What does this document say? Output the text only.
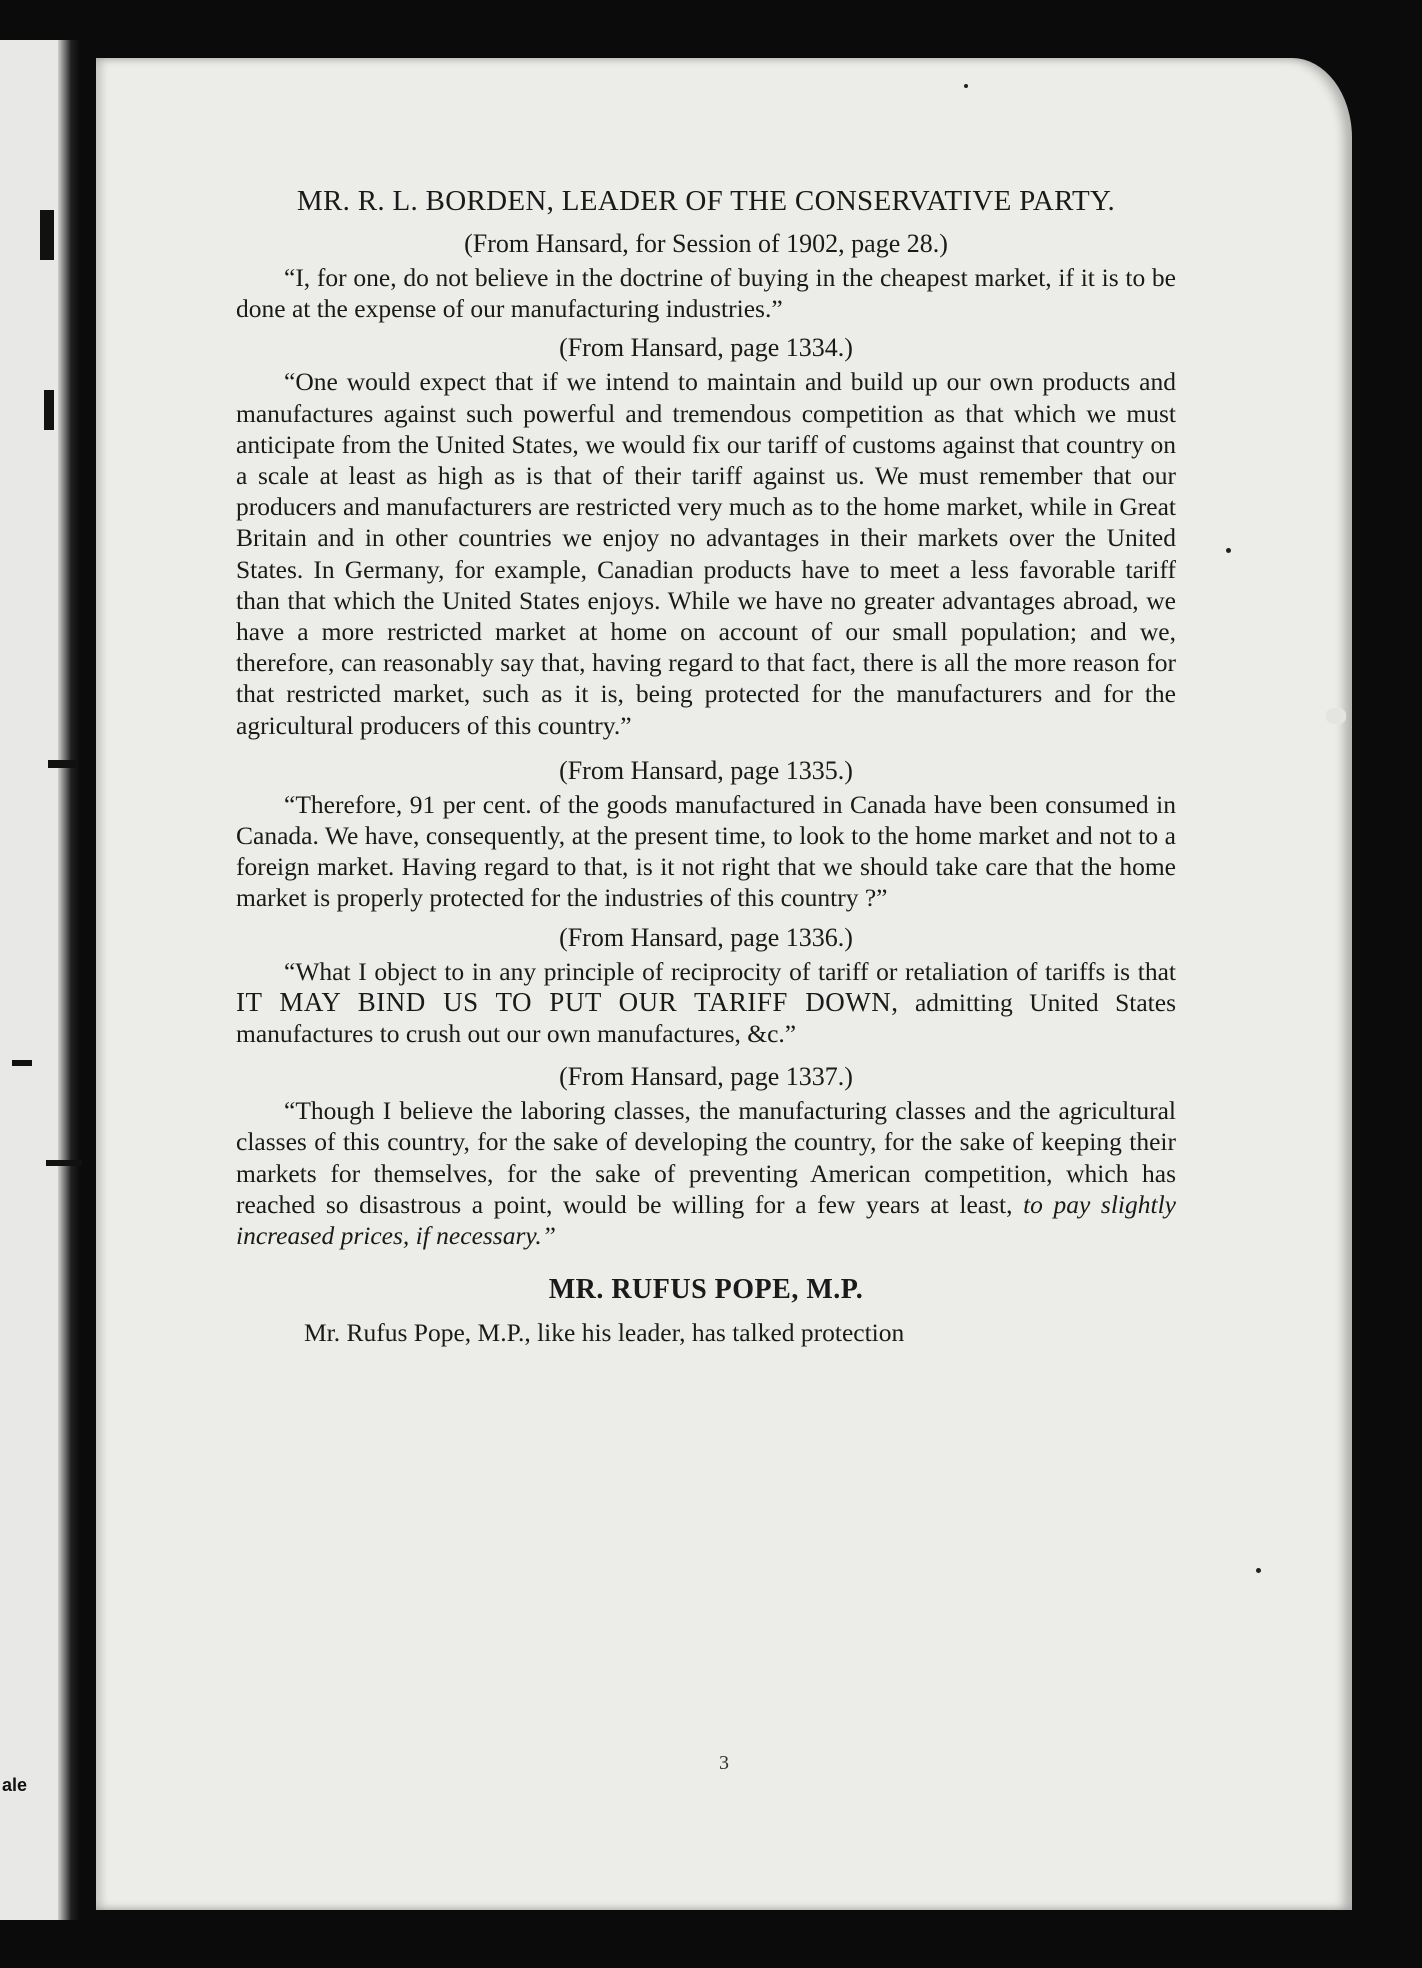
ale
MR. R. L. BORDEN, LEADER OF THE CONSERVATIVE PARTY.

(From Hansard, for Session of 1902, page 28.)

“I, for one, do not believe in the doctrine of buying in the cheapest market, if it is to be done at the expense of our manufacturing industries.”

(From Hansard, page 1334.)

“One would expect that if we intend to maintain and build up our own products and manufactures against such powerful and tremendous competition as that which we must anticipate from the United States, we would fix our tariff of customs against that country on a scale at least as high as is that of their tariff against us. We must remember that our producers and manufacturers are restricted very much as to the home market, while in Great Britain and in other countries we enjoy no advantages in their markets over the United States. In Germany, for example, Canadian products have to meet a less favorable tariff than that which the United States enjoys. While we have no greater advantages abroad, we have a more restricted market at home on account of our small population; and we, therefore, can reasonably say that, having regard to that fact, there is all the more reason for that restricted market, such as it is, being protected for the manufacturers and for the agricultural producers of this country.”

(From Hansard, page 1335.)

“Therefore, 91 per cent. of the goods manufactured in Canada have been consumed in Canada. We have, consequently, at the present time, to look to the home market and not to a foreign market. Having regard to that, is it not right that we should take care that the home market is properly protected for the industries of this country ?”

(From Hansard, page 1336.)

“What I object to in any principle of reciprocity of tariff or retaliation of tariffs is that IT MAY BIND US TO PUT OUR TARIFF DOWN, admitting United States manufactures to crush out our own manufactures, &c.”

(From Hansard, page 1337.)

“Though I believe the laboring classes, the manufacturing classes and the agricultural classes of this country, for the sake of developing the country, for the sake of keeping their markets for themselves, for the sake of preventing American competition, which has reached so disastrous a point, would be willing for a few years at least, to pay slightly increased prices, if necessary.”

MR. RUFUS POPE, M.P.

Mr. Rufus Pope, M.P., like his leader, has talked protection

3
